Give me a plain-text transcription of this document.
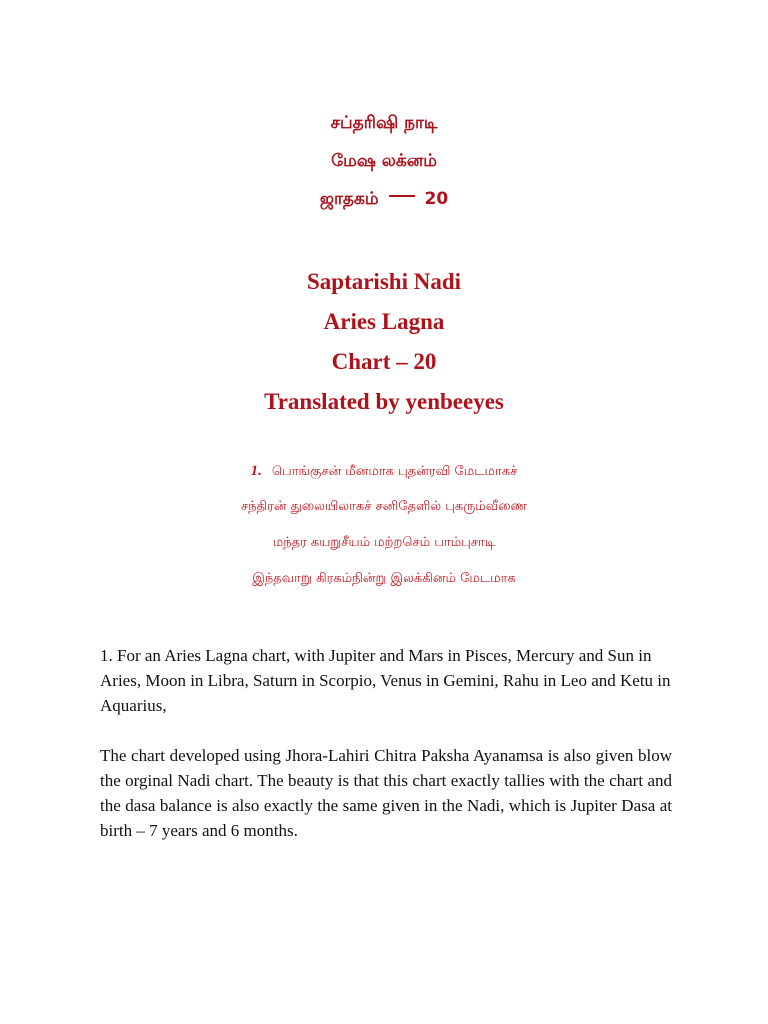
சப்தரிஷி நாடி
மேஷ லக்னம்
ஜாதகம்	20
Saptarishi Nadi
Aries Lagna
Chart – 20
Translated by yenbeeyes
1. பொங்குசன் மீனமாக புதன்ரவி மேடமாகச்
சந்திரன் துலையிலாகச் சனிதேளில் புகரும்வீணை
மந்தர கயறுசீயம் மற்றசெம் பாம்புசாடி
இந்தவாறு கிரகம்நின்று இலக்கினம் மேடமாக

1. For an Aries Lagna chart, with Jupiter and Mars in Pisces, Mercury and Sun in Aries, Moon in Libra, Saturn in Scorpio, Venus in Gemini, Rahu in Leo and Ketu in Aquarius,

The chart developed using Jhora-Lahiri Chitra Paksha Ayanamsa is also given blow the orginal Nadi chart. The beauty is that this chart exactly tallies with the chart and the dasa balance is also exactly the same given in the Nadi, which is Jupiter Dasa at birth – 7 years and 6 months.
